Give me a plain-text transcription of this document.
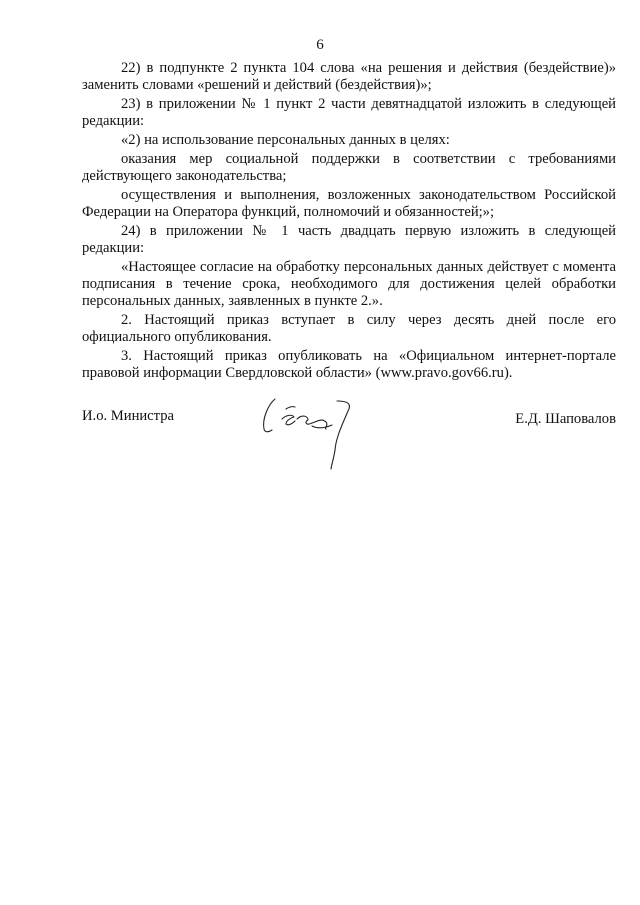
6

22) в подпункте 2 пункта 104 слова «на решения и действия (бездействие)» заменить словами «решений и действий (бездействия)»;

23) в приложении № 1 пункт 2 части девятнадцатой изложить в следующей редакции:

«2) на использование персональных данных в целях:

оказания мер социальной поддержки в соответствии с требованиями действующего законодательства;

осуществления и выполнения, возложенных законодательством Российской Федерации на Оператора функций, полномочий и обязанностей;»;

24) в приложении № 1 часть двадцать первую изложить в следующей редакции:

«Настоящее согласие на обработку персональных данных действует с момента подписания в течение срока, необходимого для достижения целей обработки персональных данных, заявленных в пункте 2.».

2. Настоящий приказ вступает в силу через десять дней после его официального опубликования.

3. Настоящий приказ опубликовать на «Официальном интернет-портале правовой информации Свердловской области» (www.pravo.gov66.ru).

И.о. Министра	Е.Д. Шаповалов
